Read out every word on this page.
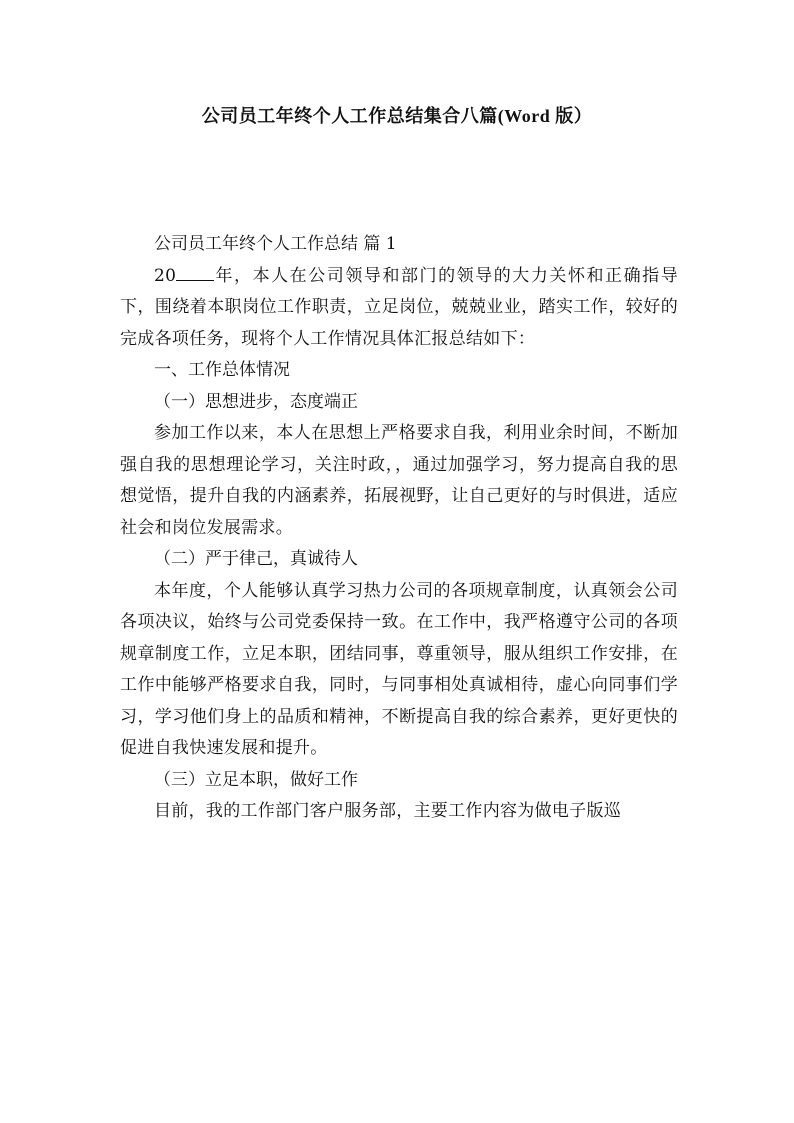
公司员工年终个人工作总结集合八篇(Word 版）

公司员工年终个人工作总结 篇 1

20 年，本人在公司领导和部门的领导的大力关怀和正确指导下，围绕着本职岗位工作职责，立足岗位，兢兢业业，踏实工作，较好的完成各项任务，现将个人工作情况具体汇报总结如下：

一、工作总体情况

（一）思想进步，态度端正

参加工作以来，本人在思想上严格要求自我，利用业余时间，不断加强自我的思想理论学习，关注时政，，通过加强学习，努力提高自我的思想觉悟，提升自我的内涵素养，拓展视野，让自己更好的与时俱进，适应社会和岗位发展需求。

（二）严于律己，真诚待人

本年度，个人能够认真学习热力公司的各项规章制度，认真领会公司各项决议，始终与公司党委保持一致。在工作中，我严格遵守公司的各项规章制度工作，立足本职，团结同事，尊重领导，服从组织工作安排，在工作中能够严格要求自我，同时，与同事相处真诚相待，虚心向同事们学习，学习他们身上的品质和精神，不断提高自我的综合素养，更好更快的促进自我快速发展和提升。

（三）立足本职，做好工作

目前，我的工作部门客户服务部，主要工作内容为做电子版巡
